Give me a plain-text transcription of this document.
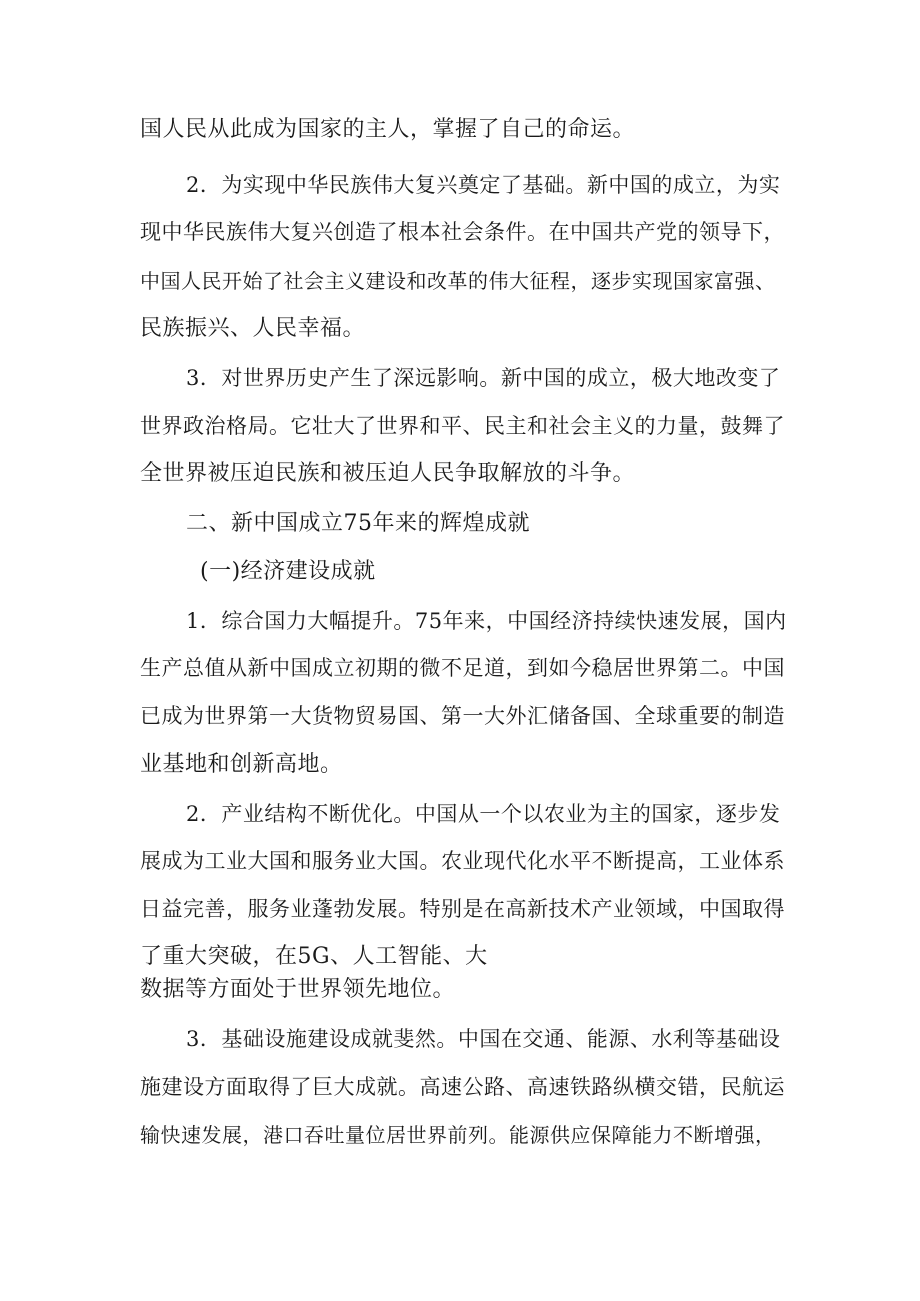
国人民从此成为国家的主人，掌握了自己的命运。
2．为实现中华民族伟大复兴奠定了基础。新中国的成立，为实
现中华民族伟大复兴创造了根本社会条件。在中国共产党的领导下，
中国人民开始了社会主义建设和改革的伟大征程，逐步实现国家富强、
民族振兴、人民幸福。
3．对世界历史产生了深远影响。新中国的成立，极大地改变了
世界政治格局。它壮大了世界和平、民主和社会主义的力量，鼓舞了
全世界被压迫民族和被压迫人民争取解放的斗争。
二、新中国成立75年来的辉煌成就
(一)经济建设成就
1．综合国力大幅提升。75年来，中国经济持续快速发展，国内
生产总值从新中国成立初期的微不足道，到如今稳居世界第二。中国
已成为世界第一大货物贸易国、第一大外汇储备国、全球重要的制造
业基地和创新高地。
2．产业结构不断优化。中国从一个以农业为主的国家，逐步发
展成为工业大国和服务业大国。农业现代化水平不断提高，工业体系
日益完善，服务业蓬勃发展。特别是在高新技术产业领域，中国取得
了重大突破，在5G、人工智能、大
数据等方面处于世界领先地位。
3．基础设施建设成就斐然。中国在交通、能源、水利等基础设
施建设方面取得了巨大成就。高速公路、高速铁路纵横交错，民航运
输快速发展，港口吞吐量位居世界前列。能源供应保障能力不断增强，
